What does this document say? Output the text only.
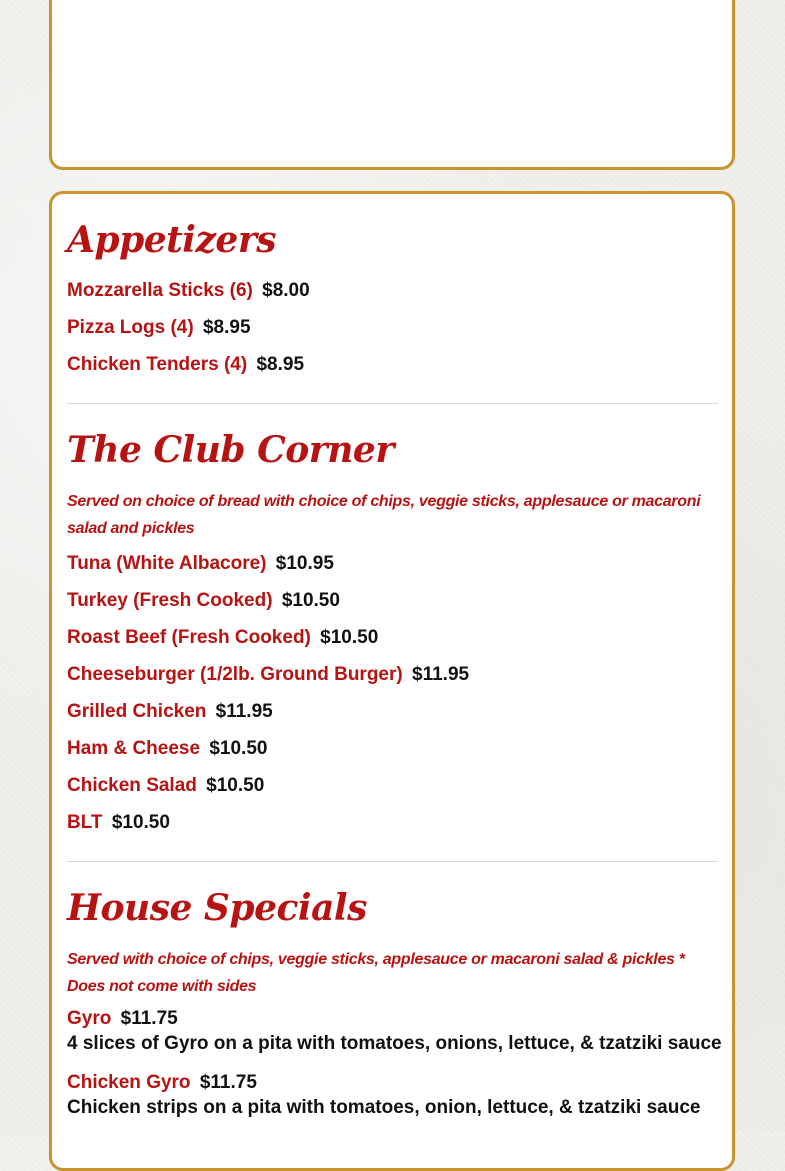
Appetizers
Mozzarella Sticks (6) $8.00
Pizza Logs (4) $8.95
Chicken Tenders (4) $8.95
The Club Corner
Served on choice of bread with choice of chips, veggie sticks, applesauce or macaroni salad and pickles
Tuna (White Albacore) $10.95
Turkey (Fresh Cooked) $10.50
Roast Beef (Fresh Cooked) $10.50
Cheeseburger (1/2lb. Ground Burger) $11.95
Grilled Chicken $11.95
Ham & Cheese $10.50
Chicken Salad $10.50
BLT $10.50
House Specials
Served with choice of chips, veggie sticks, applesauce or macaroni salad & pickles * Does not come with sides
Gyro $11.75
4 slices of Gyro on a pita with tomatoes, onions, lettuce, & tzatziki sauce
Chicken Gyro $11.75
Chicken strips on a pita with tomatoes, onion, lettuce, & tzatziki sauce
